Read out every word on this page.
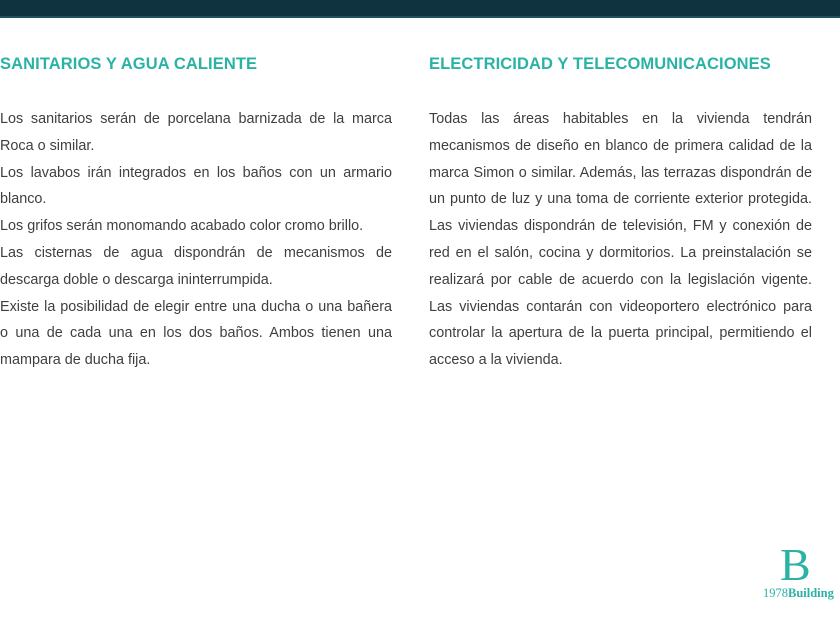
SANITARIOS Y AGUA CALIENTE

Los sanitarios serán de porcelana barnizada de la marca Roca o similar.

Los lavabos irán integrados en los baños con un armario blanco.

Los grifos serán monomando acabado color cromo brillo.

Las cisternas de agua dispondrán de mecanismos de descarga doble o descarga ininterrumpida.

Existe la posibilidad de elegir entre una ducha o una bañera o una de cada una en los dos baños. Ambos tienen una mampara de ducha fija.

ELECTRICIDAD Y TELECOMUNICACIONES

Todas las áreas habitables en la vivienda tendrán mecanismos de diseño en blanco de primera calidad de la marca Simon o similar. Además, las terrazas dispondrán de un punto de luz y una toma de corriente exterior protegida. Las viviendas dispondrán de televisión, FM y conexión de red en el salón, cocina y dormitorios. La preinstalación se realizará por cable de acuerdo con la legislación vigente. Las viviendas contarán con videoportero electrónico para controlar la apertura de la puerta principal, permitiendo el acceso a la vivienda.

B
1978Building
